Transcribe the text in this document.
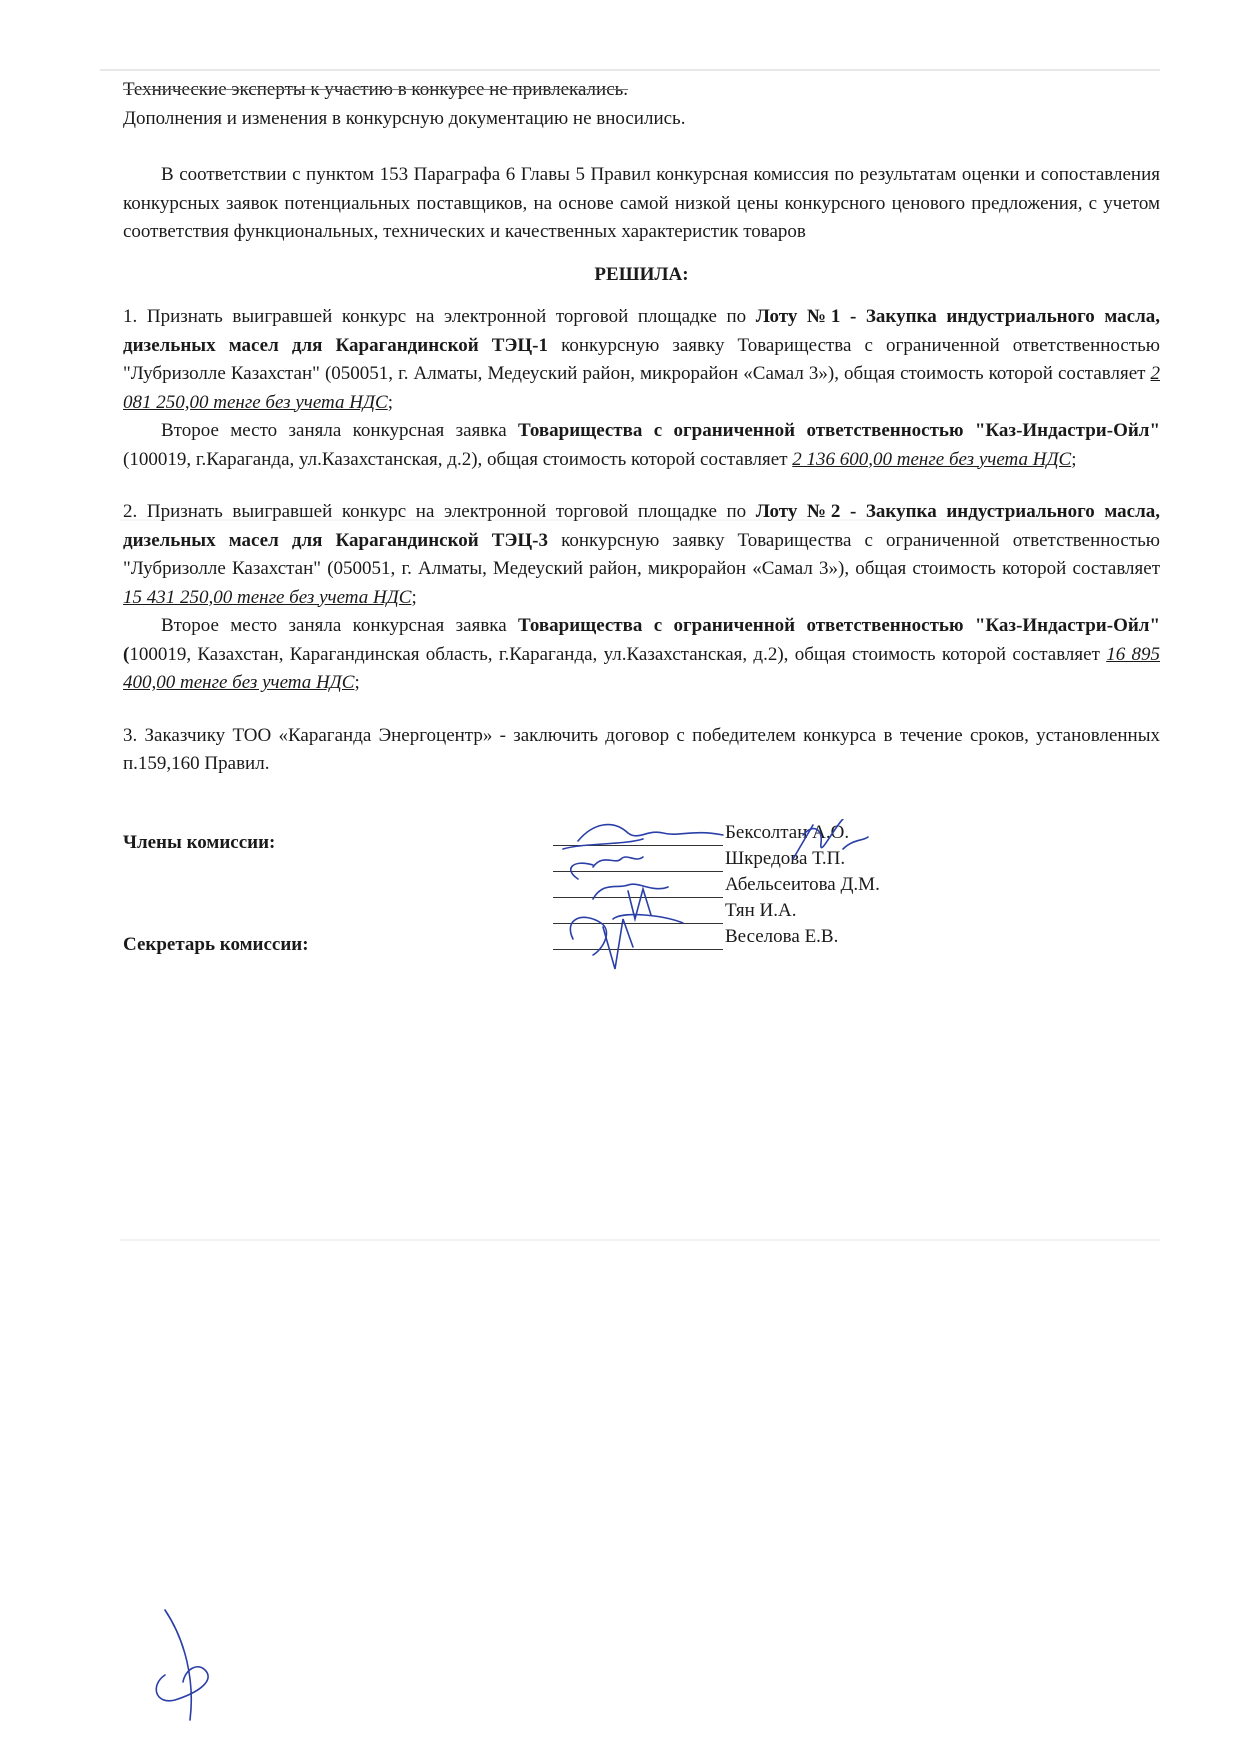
Технические эксперты к участию в конкурсе не привлекались.

Дополнения и изменения в конкурсную документацию не вносились.

В соответствии с пунктом 153 Параграфа 6 Главы 5 Правил конкурсная комиссия по результатам оценки и сопоставления конкурсных заявок потенциальных поставщиков, на основе самой низкой цены конкурсного ценового предложения, с учетом соответствия функциональных, технических и качественных характеристик товаров

РЕШИЛА:

1. Признать выигравшей конкурс на электронной торговой площадке по Лоту №1 - Закупка индустриального масла, дизельных масел для Карагандинской ТЭЦ-1 конкурсную заявку Товарищества с ограниченной ответственностью "Лубризолле Казахстан" (050051, г. Алматы, Медеуский район, микрорайон «Самал 3»), общая стоимость которой составляет 2 081 250,00 тенге без учета НДС;

Второе место заняла конкурсная заявка Товарищества с ограниченной ответственностью "Каз-Индастри-Ойл" (100019, г.Караганда, ул.Казахстанская, д.2), общая стоимость которой составляет 2 136 600,00 тенге без учета НДС;

2. Признать выигравшей конкурс на электронной торговой площадке по Лоту №2 - Закупка индустриального масла, дизельных масел для Карагандинской ТЭЦ-3 конкурсную заявку Товарищества с ограниченной ответственностью "Лубризолле Казахстан" (050051, г. Алматы, Медеуский район, микрорайон «Самал 3»), общая стоимость которой составляет 15 431 250,00 тенге без учета НДС;

Второе место заняла конкурсная заявка Товарищества с ограниченной ответственностью "Каз-Индастри-Ойл" (100019, Казахстан, Карагандинская область, г.Караганда, ул.Казахстанская, д.2), общая стоимость которой составляет 16 895 400,00 тенге без учета НДС;

3. Заказчику ТОО «Караганда Энергоцентр» - заключить договор с победителем конкурса в течение сроков, установленных п.159,160 Правил.

Члены комиссии:
Секретарь комиссии:
Бексолтан А.О.
Шкредова Т.П.
Абельсеитова Д.М.
Тян И.А.
Веселова Е.В.
